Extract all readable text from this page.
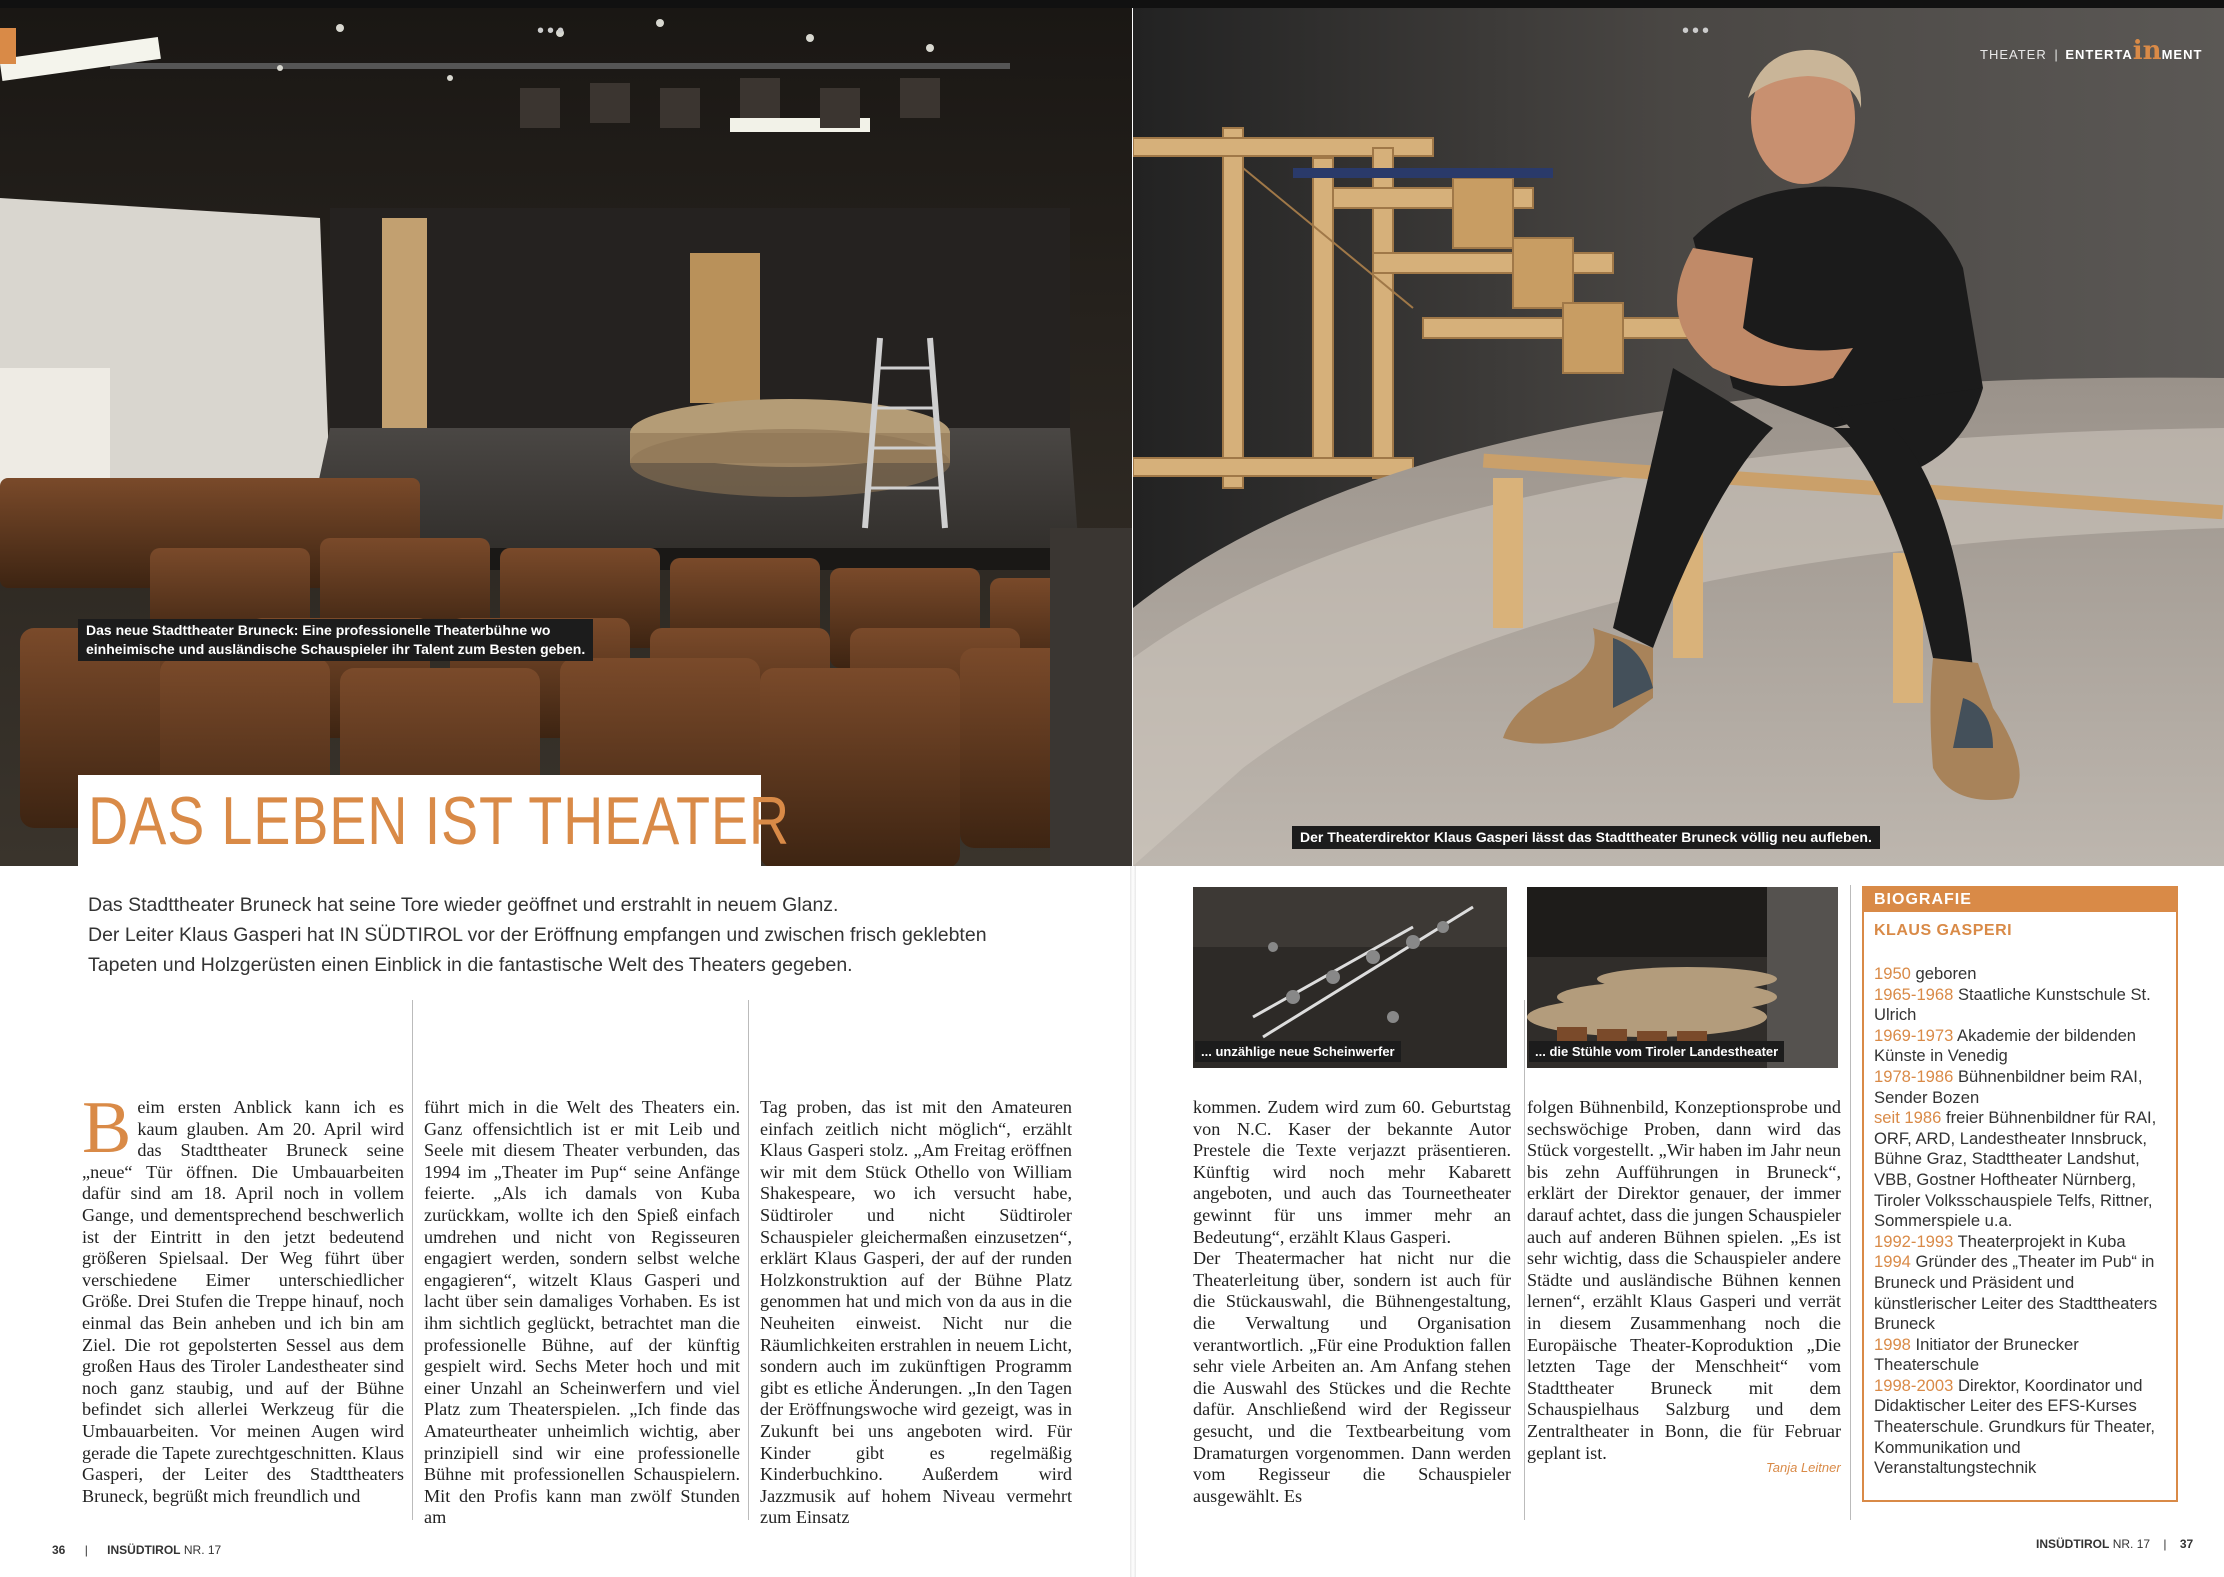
•••
Das neue Stadttheater Bruneck: Eine professionelle Theaterbühne wo
einheimische und ausländische Schauspieler ihr Talent zum Besten geben.
DAS LEBEN IST THEATER
•••
THEATER | ENTERTAinMENT
Der Theaterdirektor Klaus Gasperi lässt das Stadttheater Bruneck völlig neu aufleben.
Das Stadttheater Bruneck hat seine Tore wieder geöffnet und erstrahlt in neuem Glanz.
Der Leiter Klaus Gasperi hat IN SÜDTIROL vor der Eröffnung empfangen und zwischen frisch geklebten
Tapeten und Holzgerüsten einen Einblick in die fantastische Welt des Theaters gegeben.
B eim ersten Anblick kann ich es kaum glauben. Am 20. April wird das Stadttheater Bruneck seine „neue“ Tür öffnen. Die Umbauarbeiten dafür sind am 18. April noch in vollem Gange, und dementsprechend beschwerlich ist der Eintritt in den jetzt bedeutend größeren Spielsaal. Der Weg führt über verschiedene Eimer unterschiedlicher Größe. Drei Stufen die Treppe hinauf, noch einmal das Bein anheben und ich bin am Ziel. Die rot gepolsterten Sessel aus dem großen Haus des Tiroler Landestheater sind noch ganz staubig, und auf der Bühne befindet sich allerlei Werkzeug für die Umbauarbeiten. Vor meinen Augen wird gerade die Tapete zurechtgeschnitten. Klaus Gasperi, der Leiter des Stadttheaters Bruneck, begrüßt mich freundlich und

führt mich in die Welt des Theaters ein. Ganz offensichtlich ist er mit Leib und Seele mit diesem Theater verbunden, das 1994 im „Theater im Pup“ seine Anfänge feierte. „Als ich damals von Kuba zurückkam, wollte ich den Spieß einfach umdrehen und nicht von Regisseuren engagiert werden, sondern selbst welche engagieren“, witzelt Klaus Gasperi und lacht über sein damaliges Vorhaben. Es ist ihm sichtlich geglückt, betrachtet man die professionelle Bühne, auf der künftig gespielt wird. Sechs Meter hoch und mit einer Unzahl an Scheinwerfern und viel Platz zum Theaterspielen. „Ich finde das Amateurtheater unheimlich wichtig, aber prinzipiell sind wir eine professionelle Bühne mit professionellen Schauspielern. Mit den Profis kann man zwölf Stunden am

Tag proben, das ist mit den Amateuren einfach zeitlich nicht möglich“, erzählt Klaus Gasperi stolz. „Am Freitag eröffnen wir mit dem Stück Othello von William Shakespeare, wo ich versucht habe, Südtiroler und nicht Südtiroler Schauspieler gleichermaßen einzusetzen“, erklärt Klaus Gasperi, der auf der runden Holzkonstruktion auf der Bühne Platz genommen hat und mich von da aus in die Neuheiten einweist. Nicht nur die Räumlichkeiten erstrahlen in neuem Licht, sondern auch im zukünftigen Programm gibt es etliche Änderungen. „In den Tagen der Eröffnungswoche wird gezeigt, was in Zukunft bei uns angeboten wird. Für Kinder gibt es regelmäßig Kinderbuchkino. Außerdem wird Jazzmusik auf hohem Niveau vermehrt zum Einsatz

... unzählige neue Scheinwerfer	... die Stühle vom Tiroler Landestheater

kommen. Zudem wird zum 60. Geburtstag von N.C. Kaser der bekannte Autor Prestele die Texte verjazzt präsentieren. Künftig wird noch mehr Kabarett angeboten, und auch das Tourneetheater gewinnt für uns immer mehr an Bedeutung“, erzählt Klaus Gasperi.

Der Theatermacher hat nicht nur die Theaterleitung über, sondern ist auch für die Stückauswahl, die Bühnengestaltung, die Verwaltung und Organisation verantwortlich. „Für eine Produktion fallen sehr viele Arbeiten an. Am Anfang stehen die Auswahl des Stückes und die Rechte dafür. Anschließend wird der Regisseur gesucht, und die Textbearbeitung vom Dramaturgen vorgenommen. Dann werden vom Regisseur die Schauspieler ausgewählt. Es

folgen Bühnenbild, Konzeptionsprobe und sechswöchige Proben, dann wird das Stück vorgestellt. „Wir haben im Jahr neun bis zehn Aufführungen in Bruneck“, erklärt der Direktor genauer, der immer darauf achtet, dass die jungen Schauspieler auch auf anderen Bühnen spielen. „Es ist sehr wichtig, dass die Schauspieler andere Städte und ausländische Bühnen kennen lernen“, erzählt Klaus Gasperi und verrät in diesem Zusammenhang noch die Europäische Theater-Koproduktion „Die letzten Tage der Menschheit“ vom Stadttheater Bruneck mit dem Schauspielhaus Salzburg und dem Zentraltheater in Bonn, die für Februar geplant ist.

Tanja Leitner
BIOGRAFIE
KLAUS GASPERI
1950 geboren
1965-1968 Staatliche Kunstschule St. Ulrich
1969-1973 Akademie der bildenden Künste in Venedig
1978-1986 Bühnenbildner beim RAI, Sender Bozen
seit 1986 freier Bühnenbildner für RAI, ORF, ARD, Landestheater Innsbruck, Bühne Graz, Stadttheater Landshut, VBB, Gostner Hoftheater Nürnberg, Tiroler Volksschauspiele Telfs, Rittner, Sommerspiele u.a.
1992-1993 Theaterprojekt in Kuba
1994 Gründer des „Theater im Pub“ in Bruneck und Präsident und künstlerischer Leiter des Stadttheaters Bruneck
1998 Initiator der Brunecker Theaterschule
1998-2003 Direktor, Koordinator und Didaktischer Leiter des EFS-Kurses Theaterschule. Grundkurs für Theater, Kommunikation und Veranstaltungstechnik
36 | INSÜDTIROL NR. 17	INSÜDTIROL NR. 17 | 37
